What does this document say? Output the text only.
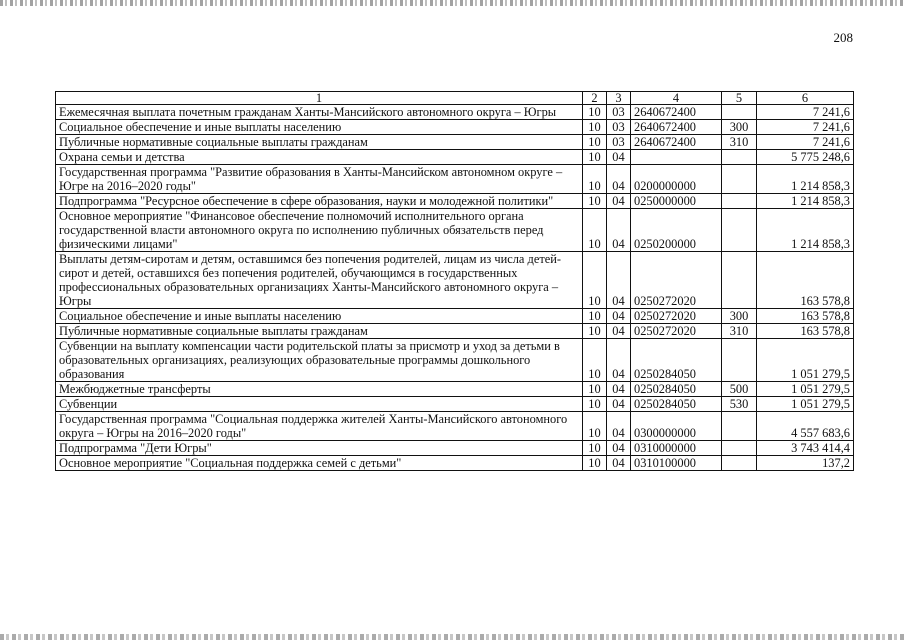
208
1	2	3	4	5	6
Ежемесячная выплата почетным гражданам Ханты-Мансийского автономного округа – Югры	10	03	2640672400		7 241,6
Социальное обеспечение и иные выплаты населению	10	03	2640672400	300	7 241,6
Публичные нормативные социальные выплаты гражданам	10	03	2640672400	310	7 241,6
Охрана семьи и детства	10	04			5 775 248,6
Государственная программа "Развитие образования в Ханты-Мансийском автономном округе – Югре на 2016–2020 годы"	10	04	0200000000		1 214 858,3
Подпрограмма "Ресурсное обеспечение в сфере образования, науки и молодежной политики"	10	04	0250000000		1 214 858,3
Основное мероприятие "Финансовое обеспечение полномочий исполнительного органа государственной власти автономного округа по исполнению публичных обязательств перед физическими лицами"	10	04	0250200000		1 214 858,3
Выплаты детям-сиротам и детям, оставшимся без попечения родителей, лицам из числа детей-сирот и детей, оставшихся без попечения родителей, обучающимся в государственных профессиональных образовательных организациях Ханты-Мансийского автономного округа – Югры	10	04	0250272020		163 578,8
Социальное обеспечение и иные выплаты населению	10	04	0250272020	300	163 578,8
Публичные нормативные социальные выплаты гражданам	10	04	0250272020	310	163 578,8
Субвенции на выплату компенсации части родительской платы за присмотр и уход за детьми в образовательных организациях, реализующих образовательные программы дошкольного образования	10	04	0250284050		1 051 279,5
Межбюджетные трансферты	10	04	0250284050	500	1 051 279,5
Субвенции	10	04	0250284050	530	1 051 279,5
Государственная программа "Социальная поддержка жителей Ханты-Мансийского автономного округа – Югры на 2016–2020 годы"	10	04	0300000000		4 557 683,6
Подпрограмма "Дети Югры"	10	04	0310000000		3 743 414,4
Основное мероприятие "Социальная поддержка семей с детьми"	10	04	0310100000		137,2
